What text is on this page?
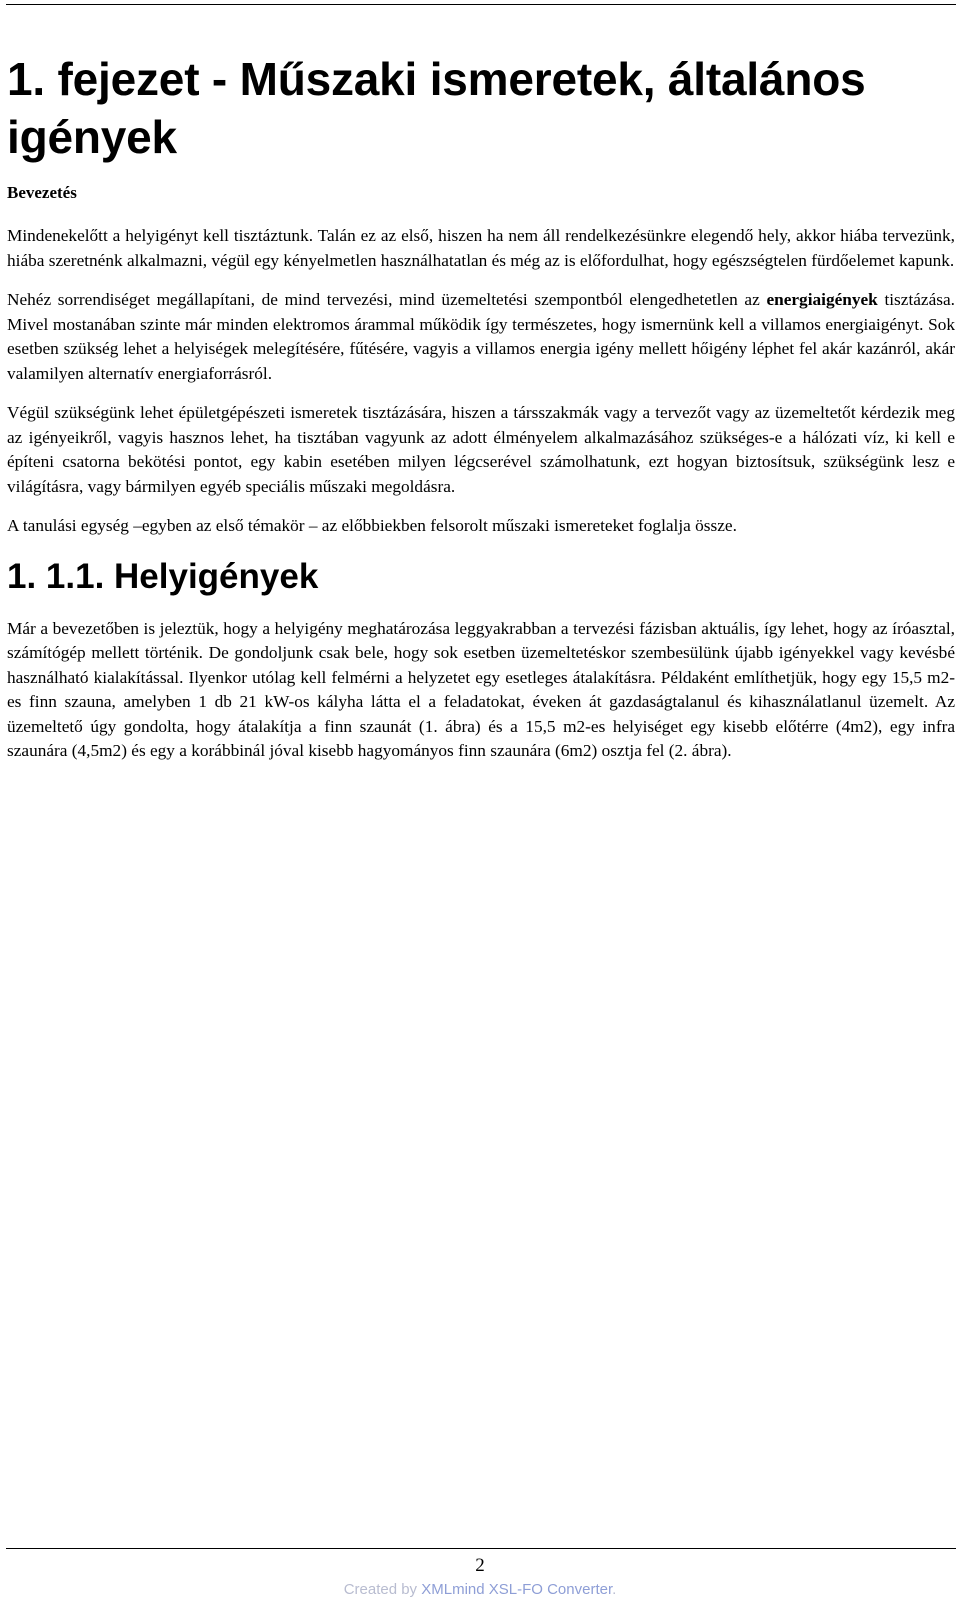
1. fejezet - Műszaki ismeretek, általános igények
Bevezetés

Mindenekelőtt a helyigényt kell tisztáztunk. Talán ez az első, hiszen ha nem áll rendelkezésünkre elegendő hely, akkor hiába tervezünk, hiába szeretnénk alkalmazni, végül egy kényelmetlen használhatatlan és még az is előfordulhat, hogy egészségtelen fürdőelemet kapunk.

Nehéz sorrendiséget megállapítani, de mind tervezési, mind üzemeltetési szempontból elengedhetetlen az energiaigények tisztázása. Mivel mostanában szinte már minden elektromos árammal működik így természetes, hogy ismernünk kell a villamos energiaigényt. Sok esetben szükség lehet a helyiségek melegítésére, fűtésére, vagyis a villamos energia igény mellett hőigény léphet fel akár kazánról, akár valamilyen alternatív energiaforrásról.

Végül szükségünk lehet épületgépészeti ismeretek tisztázására, hiszen a társszakmák vagy a tervezőt vagy az üzemeltetőt kérdezik meg az igényeikről, vagyis hasznos lehet, ha tisztában vagyunk az adott élményelem alkalmazásához szükséges-e a hálózati víz, ki kell e építeni csatorna bekötési pontot, egy kabin esetében milyen légcserével számolhatunk, ezt hogyan biztosítsuk, szükségünk lesz e világításra, vagy bármilyen egyéb speciális műszaki megoldásra.

A tanulási egység –egyben az első témakör – az előbbiekben felsorolt műszaki ismereteket foglalja össze.

1. 1.1. Helyigények

Már a bevezetőben is jeleztük, hogy a helyigény meghatározása leggyakrabban a tervezési fázisban aktuális, így lehet, hogy az íróasztal, számítógép mellett történik. De gondoljunk csak bele, hogy sok esetben üzemeltetéskor szembesülünk újabb igényekkel vagy kevésbé használható kialakítással. Ilyenkor utólag kell felmérni a helyzetet egy esetleges átalakításra. Példaként említhetjük, hogy egy 15,5 m2-es finn szauna, amelyben 1 db 21 kW-os kályha látta el a feladatokat, éveken át gazdaságtalanul és kihasználatlanul üzemelt. Az üzemeltető úgy gondolta, hogy átalakítja a finn szaunát (1. ábra) és a 15,5 m2-es helyiséget egy kisebb előtérre (4m2), egy infra szaunára (4,5m2) és egy a korábbinál jóval kisebb hagyományos finn szaunára (6m2) osztja fel (2. ábra).

2
Created by XMLmind XSL-FO Converter.
